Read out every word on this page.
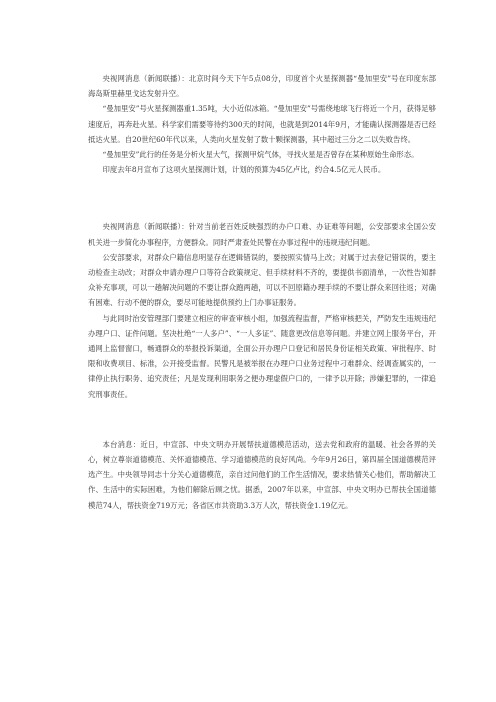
央视网消息（新闻联播）：北京时间今天下午5点08分，印度首个火星探测器“曼加里安”号在印度东部海岛斯里赫里戈达发射升空。

“曼加里安”号火星探测器重1.35吨，大小近似冰箱。“曼加里安”号需绕地球飞行将近一个月，获得足够速度后，再奔赴火星。科学家们需要等待约300天的时间，也就是到2014年9月，才能确认探测器是否已经抵达火星。自20世纪60年代以来，人类向火星发射了数十颗探测器，其中超过三分之二以失败告终。

“曼加里安”此行的任务是分析火星大气，探测甲烷气体，寻找火星是否曾存在某种原始生命形态。

印度去年8月宣布了这项火星探测计划，计划的预算为45亿卢比，约合4.5亿元人民币。

央视网消息（新闻联播）：针对当前老百姓反映强烈的办户口难、办证难等问题，公安部要求全国公安机关进一步简化办事程序，方便群众。同时严肃查处民警在办事过程中的违规违纪问题。

公安部要求，对群众户籍信息明显存在逻辑错误的，要按照实情马上改；对属于过去登记错误的，要主动检查主动改；对群众申请办理户口等符合政策规定、但手续材料不齐的，要提供书面清单，一次性告知群众补充事项，可以一趟解决问题的不要让群众跑两趟，可以不回原籍办理手续的不要让群众来回往返；对确有困难、行动不便的群众，要尽可能地提供预约上门办事证服务。

与此同时治安管理部门要建立相应的审查审核小组，加强流程监督，严格审核把关，严防发生违规违纪办理户口、证件问题。坚决杜绝“一人多户”、“一人多证”、随意更改信息等问题。并建立网上服务平台，开通网上监督窗口，畅通群众的举报投诉渠道，全面公开办理户口登记和居民身份证相关政策、审批程序、时限和收费项目、标准，公开接受监督。民警凡是被举报在办理户口业务过程中刁难群众、经调查属实的，一律停止执行职务、追究责任；凡是发现利用职务之便办理虚假户口的，一律予以开除；涉嫌犯罪的，一律追究刑事责任。

本台消息：近日，中宣部、中央文明办开展帮扶道德模范活动，送去党和政府的温暖、社会各界的关心，树立尊崇道德模范、关怀道德模范、学习道德模范的良好风尚。今年9月26日，第四届全国道德模范评选产生。中央领导同志十分关心道德模范，亲自过问他们的工作生活情况，要求热情关心他们，帮助解决工作、生活中的实际困难，为他们解除后顾之忧。据悉，2007年以来，中宣部、中央文明办已帮扶全国道德模范74人，帮扶资金719万元；各省区市共资助3.3万人次，帮扶资金1.19亿元。
